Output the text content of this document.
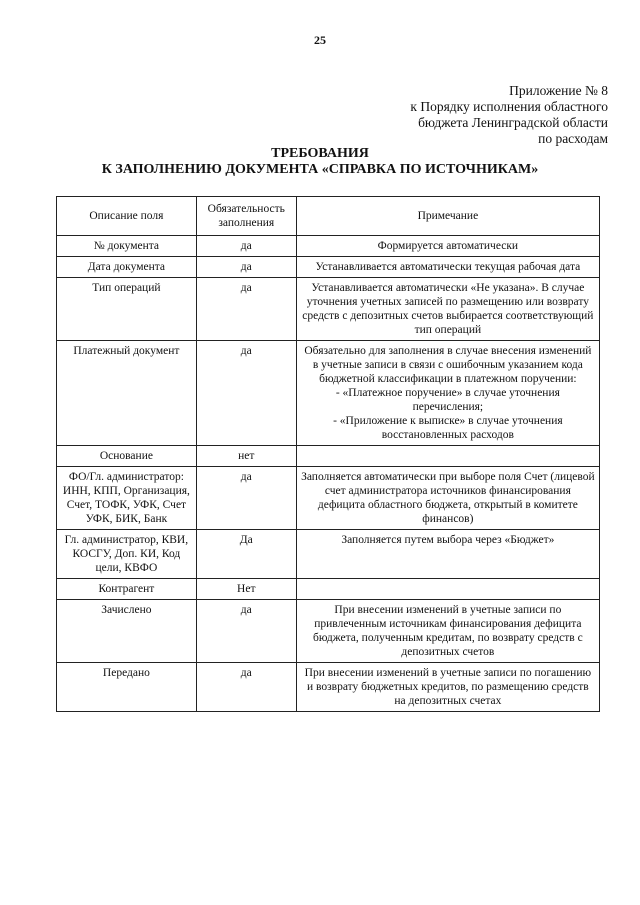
25
Приложение № 8
к Порядку исполнения областного
бюджета Ленинградской области
по расходам
ТРЕБОВАНИЯ
К ЗАПОЛНЕНИЮ ДОКУМЕНТА «СПРАВКА ПО ИСТОЧНИКАМ»
Описание поля	Обязательность заполнения	Примечание
№ документа	да	Формируется автоматически
Дата документа	да	Устанавливается автоматически текущая рабочая дата
Тип операций	да	Устанавливается автоматически «Не указана». В случае уточнения учетных записей по размещению или возврату средств с депозитных счетов выбирается соответствующий тип операций
Платежный документ	да	Обязательно для заполнения в случае внесения изменений в учетные записи в связи с ошибочным указанием кода бюджетной классификации в платежном поручении:
- «Платежное поручение» в случае уточнения перечисления;
- «Приложение к выписке» в случае уточнения восстановленных расходов
Основание	нет	
ФО/Гл. администратор: ИНН, КПП, Организация, Счет, ТОФК, УФК, Счет УФК, БИК, Банк	да	Заполняется автоматически при выборе поля Счет (лицевой счет администратора источников финансирования дефицита областного бюджета, открытый в комитете финансов)
Гл. администратор, КВИ, КОСГУ, Доп. КИ, Код цели, КВФО	Да	Заполняется путем выбора через «Бюджет»
Контрагент	Нет	
Зачислено	да	При внесении изменений в учетные записи по привлеченным источникам финансирования дефицита бюджета, полученным кредитам, по возврату средств с депозитных счетов
Передано	да	При внесении изменений в учетные записи по погашению и возврату бюджетных кредитов, по размещению средств на депозитных счетах
